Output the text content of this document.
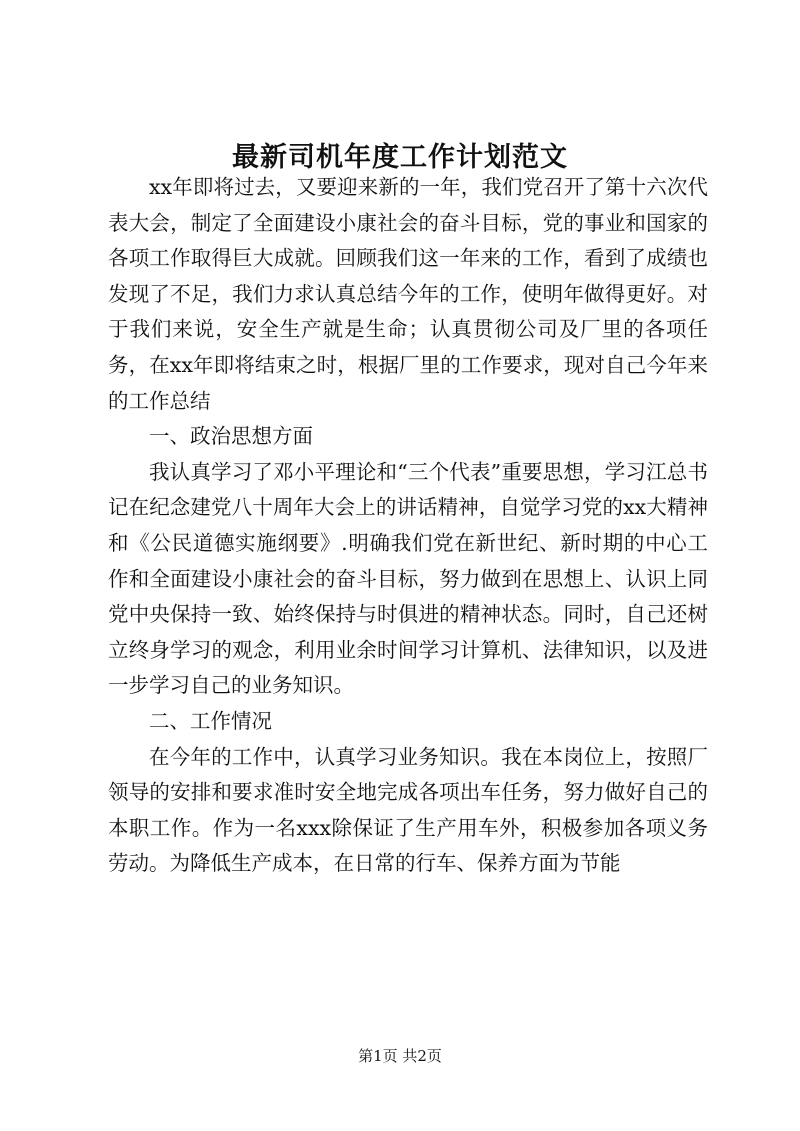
最新司机年度工作计划范文

xx年即将过去，又要迎来新的一年，我们党召开了第十六次代表大会，制定了全面建设小康社会的奋斗目标，党的事业和国家的各项工作取得巨大成就。回顾我们这一年来的工作，看到了成绩也发现了不足，我们力求认真总结今年的工作，使明年做得更好。对于我们来说，安全生产就是生命；认真贯彻公司及厂里的各项任务，在xx年即将结束之时，根据厂里的工作要求，现对自己今年来的工作总结

一、政治思想方面

我认真学习了邓小平理论和“三个代表”重要思想，学习江总书记在纪念建党八十周年大会上的讲话精神，自觉学习党的xx大精神和《公民道德实施纲要》.明确我们党在新世纪、新时期的中心工作和全面建设小康社会的奋斗目标，努力做到在思想上、认识上同党中央保持一致、始终保持与时俱进的精神状态。同时，自己还树立终身学习的观念，利用业余时间学习计算机、法律知识，以及进一步学习自己的业务知识。

二、工作情况

在今年的工作中，认真学习业务知识。我在本岗位上，按照厂领导的安排和要求准时安全地完成各项出车任务，努力做好自己的本职工作。作为一名xxx除保证了生产用车外，积极参加各项义务劳动。为降低生产成本，在日常的行车、保养方面为节能

第1页 共2页
